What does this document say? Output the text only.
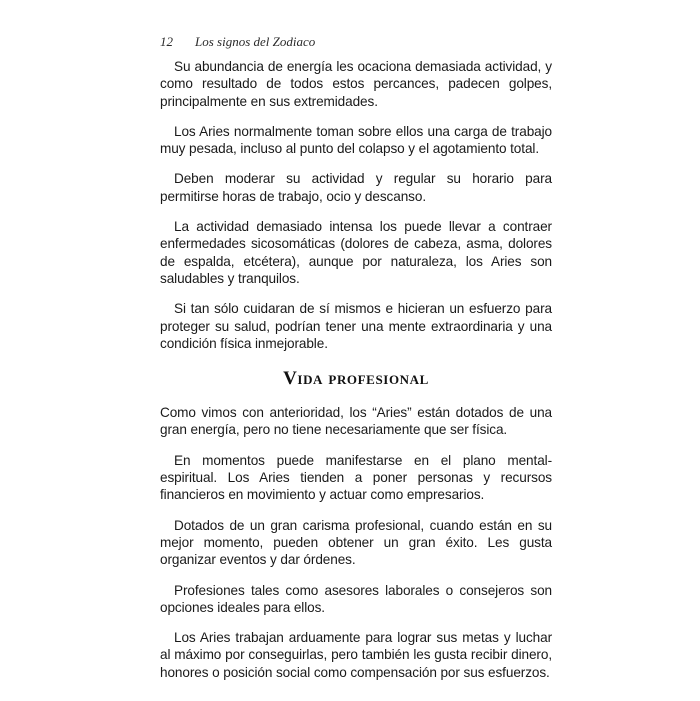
12 Los signos del Zodiaco

Su abundancia de energía les ocaciona demasiada actividad, y como resultado de todos estos percances, padecen golpes, principalmente en sus extremidades.

Los Aries normalmente toman sobre ellos una carga de trabajo muy pesada, incluso al punto del colapso y el agotamiento total.

Deben moderar su actividad y regular su horario para permitirse horas de trabajo, ocio y descanso.

La actividad demasiado intensa los puede llevar a contraer enfermedades sicosomáticas (dolores de cabeza, asma, dolores de espalda, etcétera), aunque por naturaleza, los Aries son saludables y tranquilos.

Si tan sólo cuidaran de sí mismos e hicieran un esfuerzo para proteger su salud, podrían tener una mente extraordinaria y una condición física inmejorable.

Vida profesional

Como vimos con anterioridad, los “Aries” están dotados de una gran energía, pero no tiene necesariamente que ser física.

En momentos puede manifestarse en el plano mental-espiritual. Los Aries tienden a poner personas y recursos financieros en movimiento y actuar como empresarios.

Dotados de un gran carisma profesional, cuando están en su mejor momento, pueden obtener un gran éxito. Les gusta organizar eventos y dar órdenes.

Profesiones tales como asesores laborales o consejeros son opciones ideales para ellos.

Los Aries trabajan arduamente para lograr sus metas y luchar al máximo por conseguirlas, pero también les gusta recibir dinero, honores o posición social como compensación por sus esfuerzos.
